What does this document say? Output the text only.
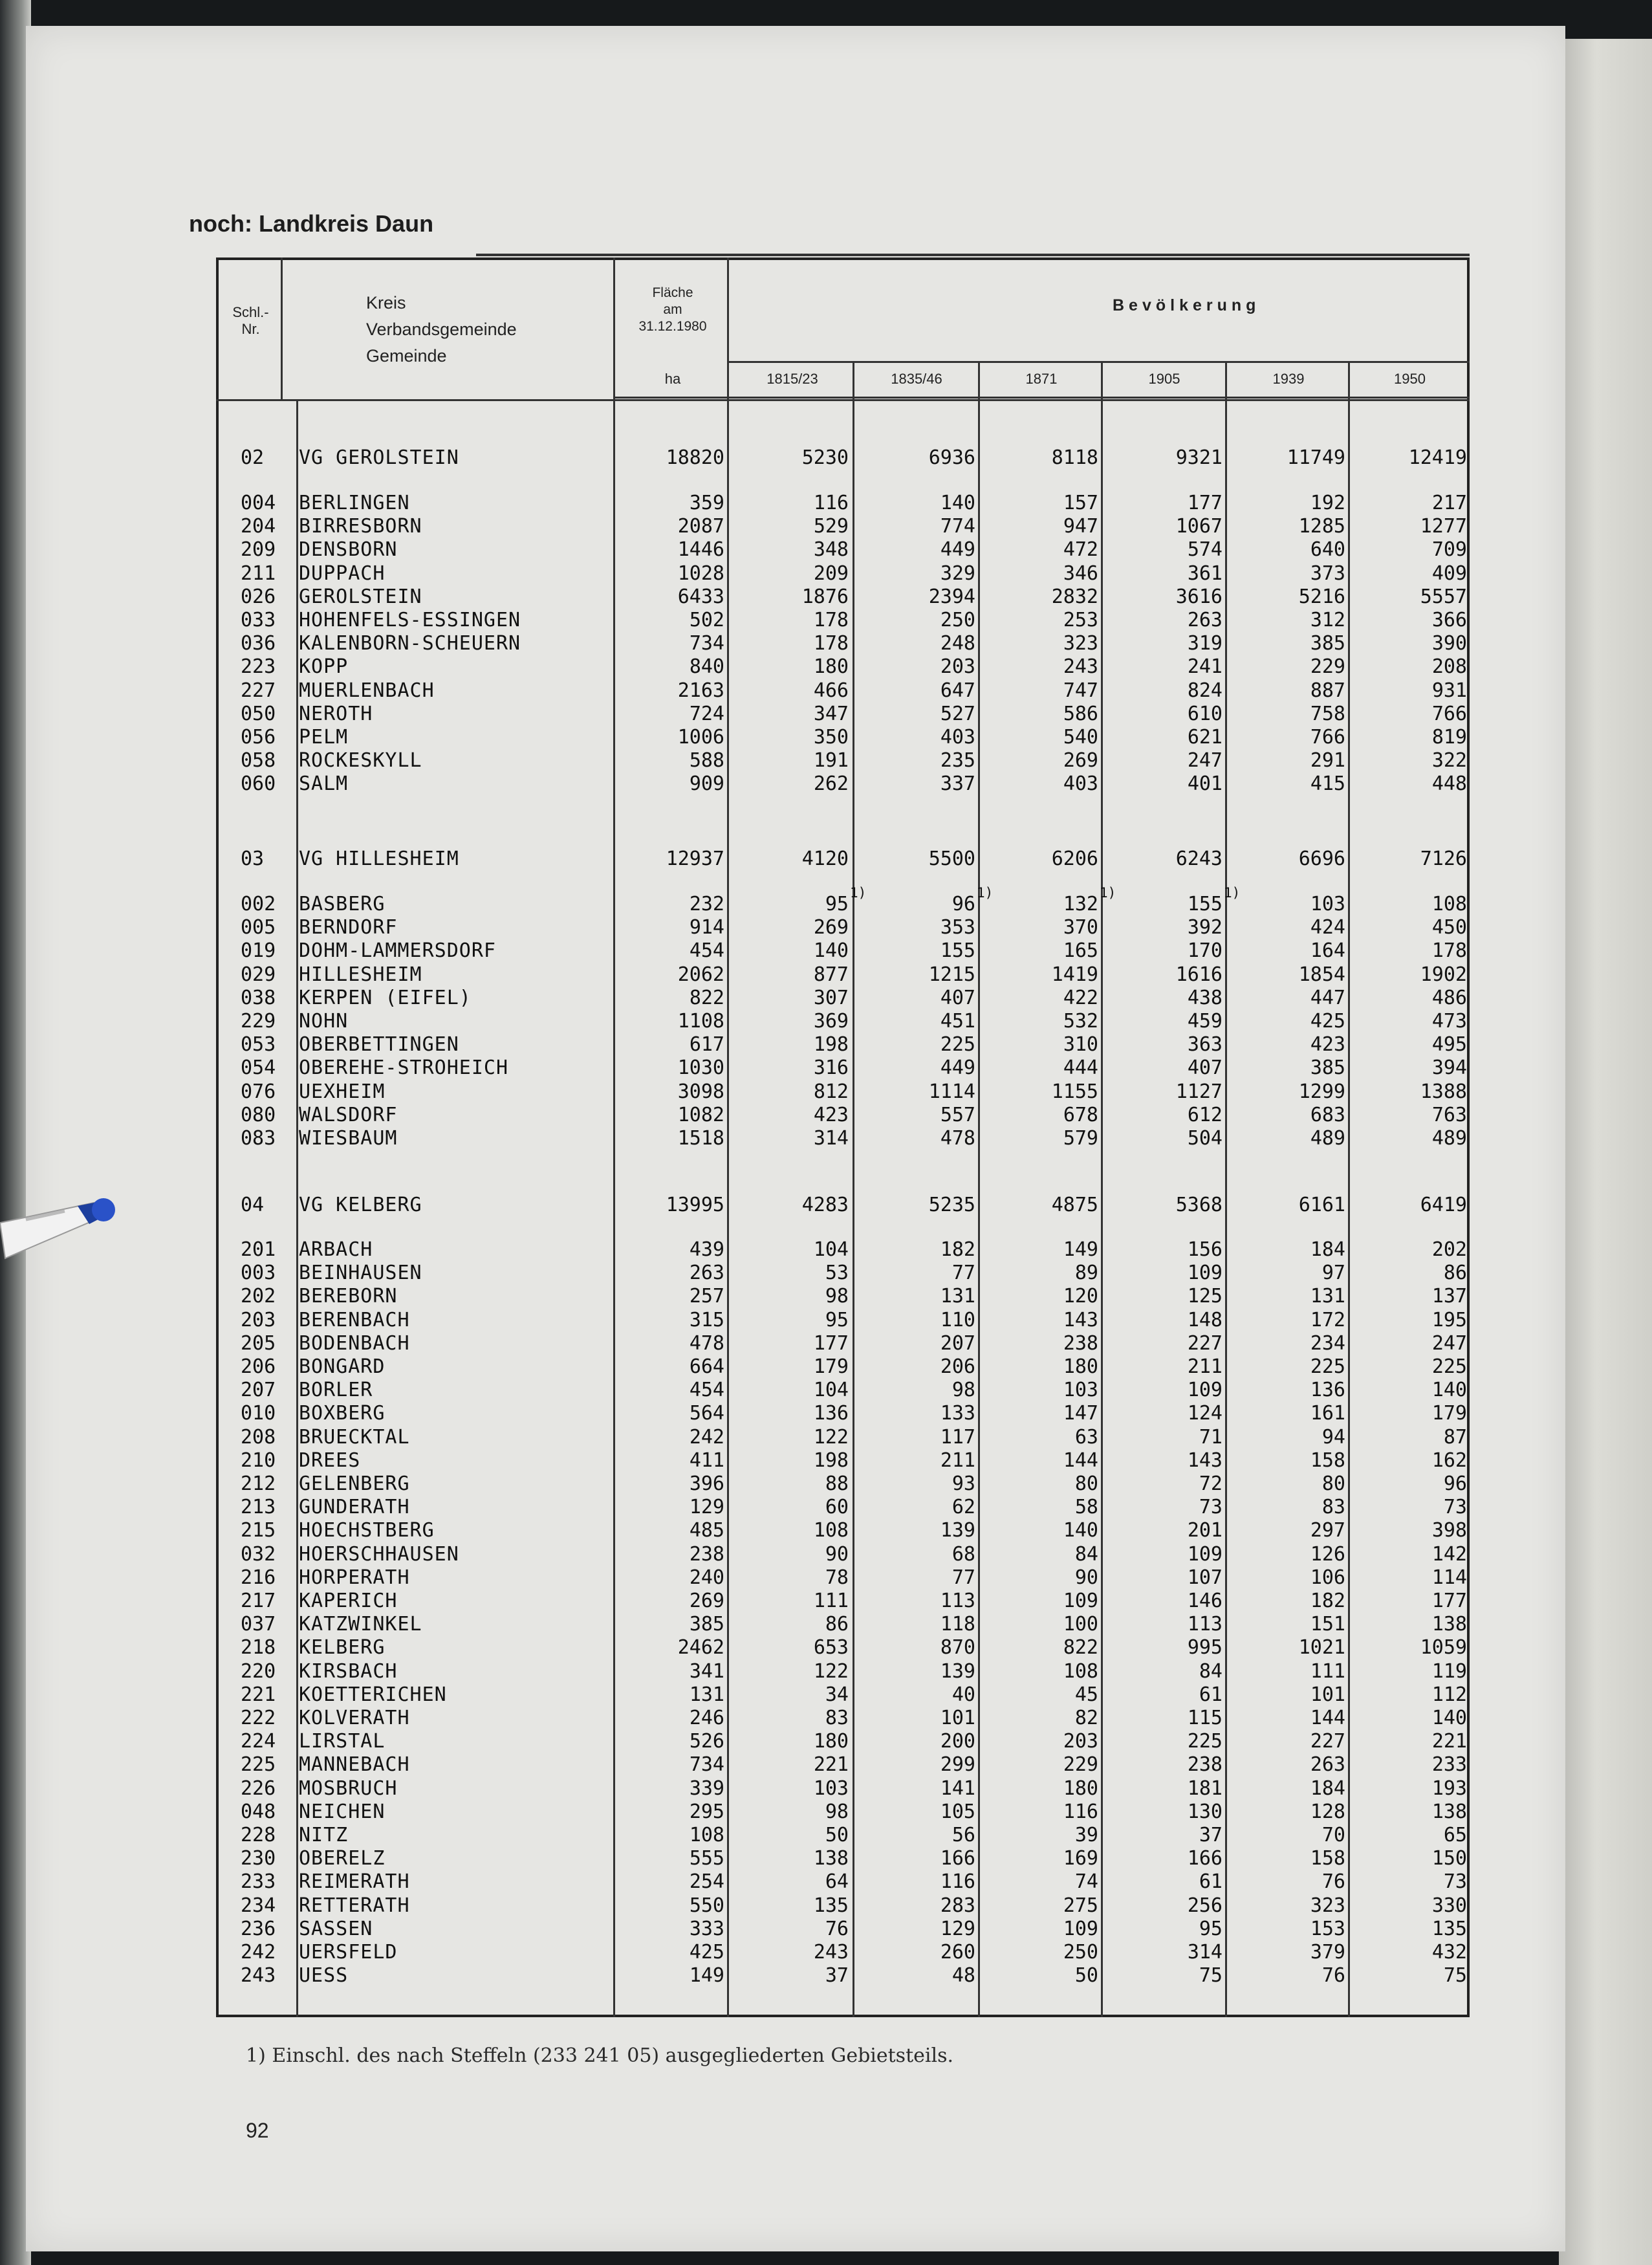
noch: Landkreis Daun
Schl.-
Nr.
Kreis
Verbandsgemeinde
Gemeinde
Fläche
am
31.12.1980
Bevölkerung
ha	1815/23	1835/46	1871	1905	1939	1950
02 VG GEROLSTEIN	18820	5230	6936	8118	9321	11749	12419
004 BERLINGEN	359	116	140	157	177	192	217
204 BIRRESBORN	2087	529	774	947	1067	1285	1277
209 DENSBORN	1446	348	449	472	574	640	709
211 DUPPACH	1028	209	329	346	361	373	409
026 GEROLSTEIN	6433	1876	2394	2832	3616	5216	5557
033 HOHENFELS-ESSINGEN	502	178	250	253	263	312	366
036 KALENBORN-SCHEUERN	734	178	248	323	319	385	390
223 KOPP	840	180	203	243	241	229	208
227 MUERLENBACH	2163	466	647	747	824	887	931
050 NEROTH	724	347	527	586	610	758	766
056 PELM	1006	350	403	540	621	766	819
058 ROCKESKYLL	588	191	235	269	247	291	322
060 SALM	909	262	337	403	401	415	448
03 VG HILLESHEIM	12937	4120	5500	6206	6243	6696	7126
002 BASBERG	232	95	96	132	155	103	108
1)	1)	1)	1)
005 BERNDORF	914	269	353	370	392	424	450
019 DOHM-LAMMERSDORF	454	140	155	165	170	164	178
029 HILLESHEIM	2062	877	1215	1419	1616	1854	1902
038 KERPEN (EIFEL)	822	307	407	422	438	447	486
229 NOHN	1108	369	451	532	459	425	473
053 OBERBETTINGEN	617	198	225	310	363	423	495
054 OBEREHE-STROHEICH	1030	316	449	444	407	385	394
076 UEXHEIM	3098	812	1114	1155	1127	1299	1388
080 WALSDORF	1082	423	557	678	612	683	763
083 WIESBAUM	1518	314	478	579	504	489	489
04 VG KELBERG	13995	4283	5235	4875	5368	6161	6419
201 ARBACH	439	104	182	149	156	184	202
003 BEINHAUSEN	263	53	77	89	109	97	86
202 BEREBORN	257	98	131	120	125	131	137
203 BERENBACH	315	95	110	143	148	172	195
205 BODENBACH	478	177	207	238	227	234	247
206 BONGARD	664	179	206	180	211	225	225
207 BORLER	454	104	98	103	109	136	140
010 BOXBERG	564	136	133	147	124	161	179
208 BRUECKTAL	242	122	117	63	71	94	87
210 DREES	411	198	211	144	143	158	162
212 GELENBERG	396	88	93	80	72	80	96
213 GUNDERATH	129	60	62	58	73	83	73
215 HOECHSTBERG	485	108	139	140	201	297	398
032 HOERSCHHAUSEN	238	90	68	84	109	126	142
216 HORPERATH	240	78	77	90	107	106	114
217 KAPERICH	269	111	113	109	146	182	177
037 KATZWINKEL	385	86	118	100	113	151	138
218 KELBERG	2462	653	870	822	995	1021	1059
220 KIRSBACH	341	122	139	108	84	111	119
221 KOETTERICHEN	131	34	40	45	61	101	112
222 KOLVERATH	246	83	101	82	115	144	140
224 LIRSTAL	526	180	200	203	225	227	221
225 MANNEBACH	734	221	299	229	238	263	233
226 MOSBRUCH	339	103	141	180	181	184	193
048 NEICHEN	295	98	105	116	130	128	138
228 NITZ	108	50	56	39	37	70	65
230 OBERELZ	555	138	166	169	166	158	150
233 REIMERATH	254	64	116	74	61	76	73
234 RETTERATH	550	135	283	275	256	323	330
236 SASSEN	333	76	129	109	95	153	135
242 UERSFELD	425	243	260	250	314	379	432
243 UESS	149	37	48	50	75	76	75
1) Einschl. des nach Steffeln (233 241 05) ausgegliederten Gebietsteils.
92
